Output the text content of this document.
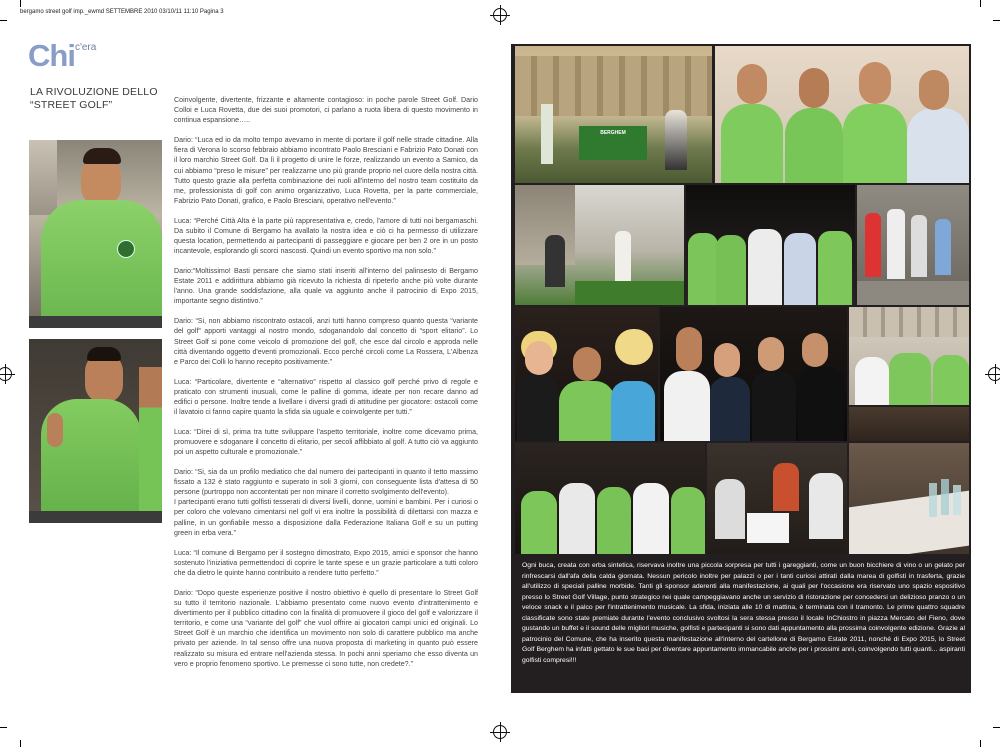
bergamo street golf imp._ewmd SETTEMBRE 2010 03/10/11 11:10 Pagina 3
Chi$^{c'era}$
LA RIVOLUZIONE DELLO “STREET GOLF”	Coinvolgente, divertente, frizzante e altamente contagioso: in poche parole Street Golf. Dario Colloi e Luca Rovetta, due dei suoi promotori, ci parlano a ruota libera di questo movimento in continua espansione…..

Dario: “Luca ed io da molto tempo avevamo in mente di portare il golf nelle strade cittadine. Alla fiera di Verona lo scorso febbraio abbiamo incontrato Paolo Bresciani e Fabrizio Pato Donati con il loro marchio Street Golf. Da lì il progetto di unire le forze, realizzando un evento a Samico, da cui abbiamo “preso le misure” per realizzarne uno più grande proprio nel cuore della nostra città. Tutto questo grazie alla perfetta combinazione dei ruoli all'interno del nostro team costituito da me, professionista di golf con animo organizzativo, Luca Rovetta, per la parte commerciale, Fabrizio Pato Donati, grafico, e Paolo Bresciani, operativo nell'evento.”

Luca: “Perché Città Alta è la parte più rappresentativa e, credo, l'amore di tutti noi bergamaschi. Da subito il Comune di Bergamo ha avallato la nostra idea e ciò ci ha permesso di utilizzare questa location, permettendo ai partecipanti di passeggiare e giocare per ben 2 ore in un posto incantevole, esplorando gli scorci nascosti. Quindi un evento sportivo ma non solo.”

Dario:“Moltissimo! Basti pensare che siamo stati inseriti all'interno del palinsesto di Bergamo Estate 2011 e addirittura abbiamo già ricevuto la richiesta di ripeterlo anche più volte durante l'anno. Una grande soddisfazione, alla quale va aggiunto anche il patrocinio di Expo 2015, importante segno distintivo.”

Dario: “Si, non abbiamo riscontrato ostacoli, anzi tutti hanno compreso quanto questa “variante del golf” apporti vantaggi al nostro mondo, sdoganandolo dal concetto di “sport elitario”. Lo Street Golf si pone come veicolo di promozione del golf, che esce dal circolo e approda nelle città diventando oggetto d'eventi promozionali. Ecco perché circoli come La Rossera, L'Albenza e Parco dei Colli lo hanno recepito positivamente.”

Luca: “Particolare, divertente e “alternativo” rispetto al classico golf perché privo di regole e praticato con strumenti inusuali, come le palline di gomma, ideate per non recare danno ad edifici o persone. Inoltre tende a livellare i diversi gradi di attitudine per giocatore: ostacoli come il lavatoio ci fanno capire quanto la sfida sia uguale e coinvolgente per tutti.”

Luca: “Direi di sì, prima tra tutte sviluppare l'aspetto territoriale, inoltre come dicevamo prima, promuovere e sdoganare il concetto di elitario, per secoli affibbiato al golf. A tutto ciò va aggiunto poi un aspetto culturale e promozionale.”

Dario: “Si, sia da un profilo mediatico che dal numero dei partecipanti in quanto il tetto massimo fissato a 132 è stato raggiunto e superato in soli 3 giorni, con conseguente lista d'attesa di 50 persone (purtroppo non accontentati per non minare il corretto svolgimento dell'evento).
I partecipanti erano tutti golfisti tesserati di diversi livelli, donne, uomini e bambini. Per i curiosi o per coloro che volevano cimentarsi nel golf vi era inoltre la possibilità di dilettarsi con mazza e palline, in un gonfiabile messo a disposizione dalla Federazione Italiana Golf e su un putting green in erba vera.”

Luca: “Il comune di Bergamo per il sostegno dimostrato, Expo 2015, amici e sponsor che hanno sostenuto l'iniziativa permettendoci di coprire le tante spese e un grazie particolare a tutti coloro che da dietro le quinte hanno contribuito a rendere tutto perfetto.”

Dario: “Dopo queste esperienze positive il nostro obiettivo è quello di presentare lo Street Golf su tutto il territorio nazionale. L'abbiamo presentato come nuovo evento d'intrattenimento e divertimento per il pubblico cittadino con la finalità di promuovere il gioco del golf e valorizzare il territorio, e come una “variante del golf” che vuol offrire ai giocatori campi unici ed originali. Lo Street Golf è un marchio che identifica un movimento non solo di carattere pubblico ma anche privato per aziende. In tal senso offre una nuova proposta di marketing in quanto può essere realizzato su misura ed entrare nell'azienda stessa. In pochi anni speriamo che esso diventa un vero e proprio fenomeno sportivo. Le premesse ci sono tutte, non credete?.”

BERGHEM
Ogni buca, creata con erba sintetica, riservava inoltre una piccola sorpresa per tutti i gareggianti, come un buon bicchiere di vino o un gelato per rinfrescarsi dall'afa della calda giornata. Nessun pericolo inoltre per palazzi o per i tanti curiosi attirati dalla marea di golfisti in trasferta, grazie all'utilizzo di speciali palline morbide. Tanti gli sponsor aderenti alla manifestazione, ai quali per l'occasione era riservato uno spazio espositivo presso lo Street Golf Village, punto strategico nei quale campeggiavano anche un servizio di ristorazione per concedersi un delizioso pranzo o un veloce snack e il palco per l'intrattenimento musicale. La sfida, iniziata alle 10 di mattina, è terminata con il tramonto. Le prime quattro squadre classificate sono state premiate durante l'evento conclusivo svoltosi la sera stessa presso il locale InChiostro in piazza Mercato del Fieno, dove gustando un buffet e il sound delle migliori musiche, golfisti e partecipanti si sono dati appuntamento alla prossima coinvolgente edizione. Grazie al patrocinio del Comune, che ha inserito questa manifestazione all'interno del cartellone di Bergamo Estate 2011, nonché di Expo 2015, lo Street Golf Berghem ha infatti gettato le sue basi per diventare appuntamento immancabile anche per i prossimi anni, coinvolgendo tutti quanti... aspiranti golfisti compresi!!!
